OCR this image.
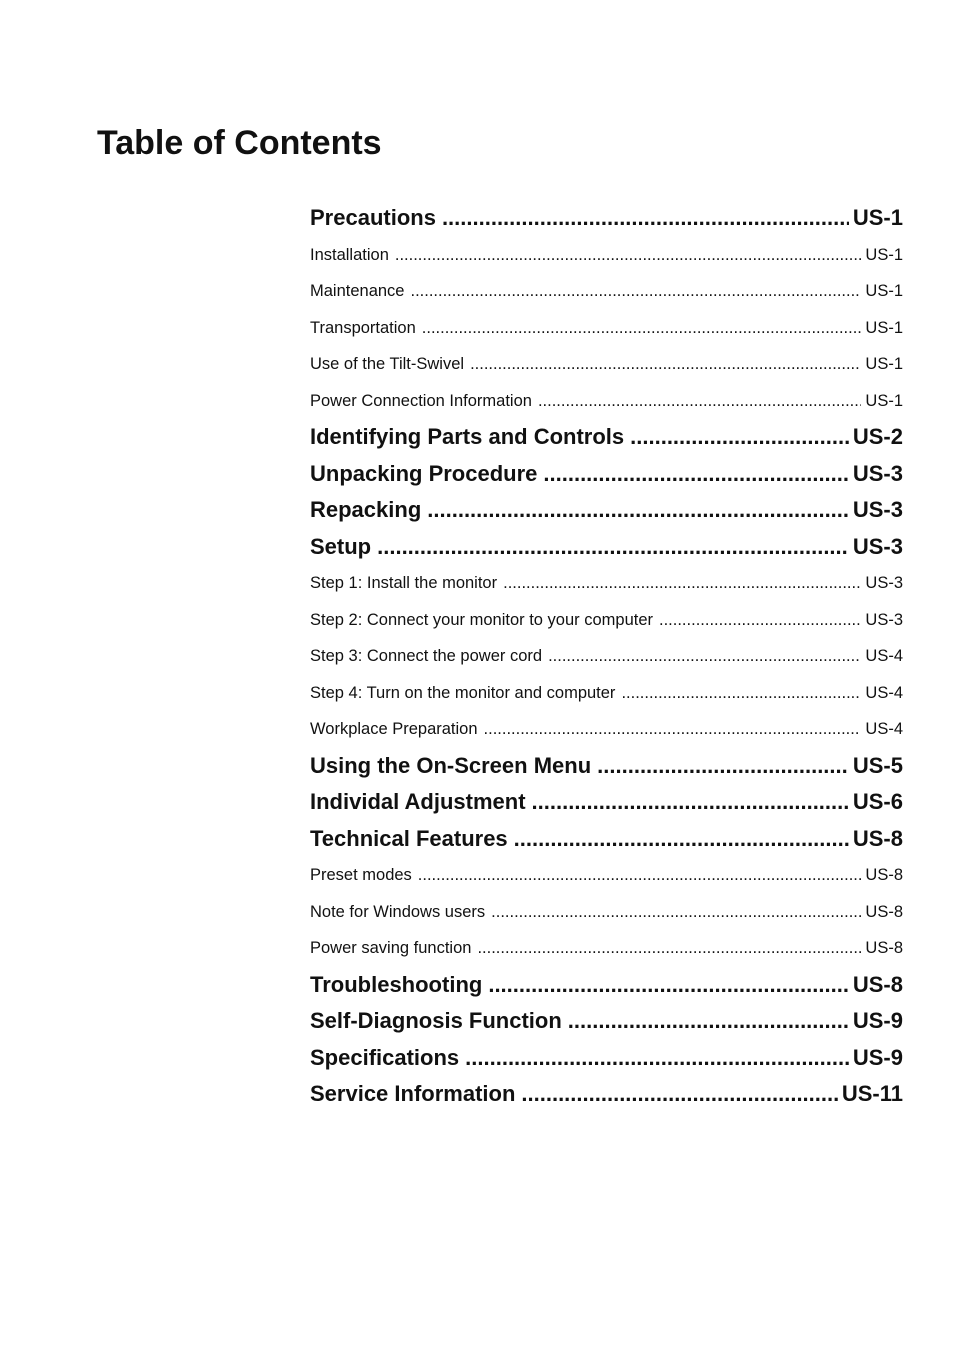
Table of Contents
Precautions .....	US-1
Installation .....	US-1
Maintenance .....	US-1
Transportation .....	US-1
Use of the Tilt-Swivel .....	US-1
Power Connection Information .....	US-1
Identifying Parts and Controls .....	US-2
Unpacking Procedure .....	US-3
Repacking .....	US-3
Setup .....	US-3
Step 1: Install the monitor .....	US-3
Step 2: Connect your monitor to your computer .....	US-3
Step 3: Connect the power cord .....	US-4
Step 4: Turn on the monitor and computer .....	US-4
Workplace Preparation .....	US-4
Using the On-Screen Menu .....	US-5
Individal Adjustment .....	US-6
Technical Features .....	US-8
Preset modes .....	US-8
Note for Windows users .....	US-8
Power saving function .....	US-8
Troubleshooting .....	US-8
Self-Diagnosis Function .....	US-9
Specifications .....	US-9
Service Information .....	US-11
